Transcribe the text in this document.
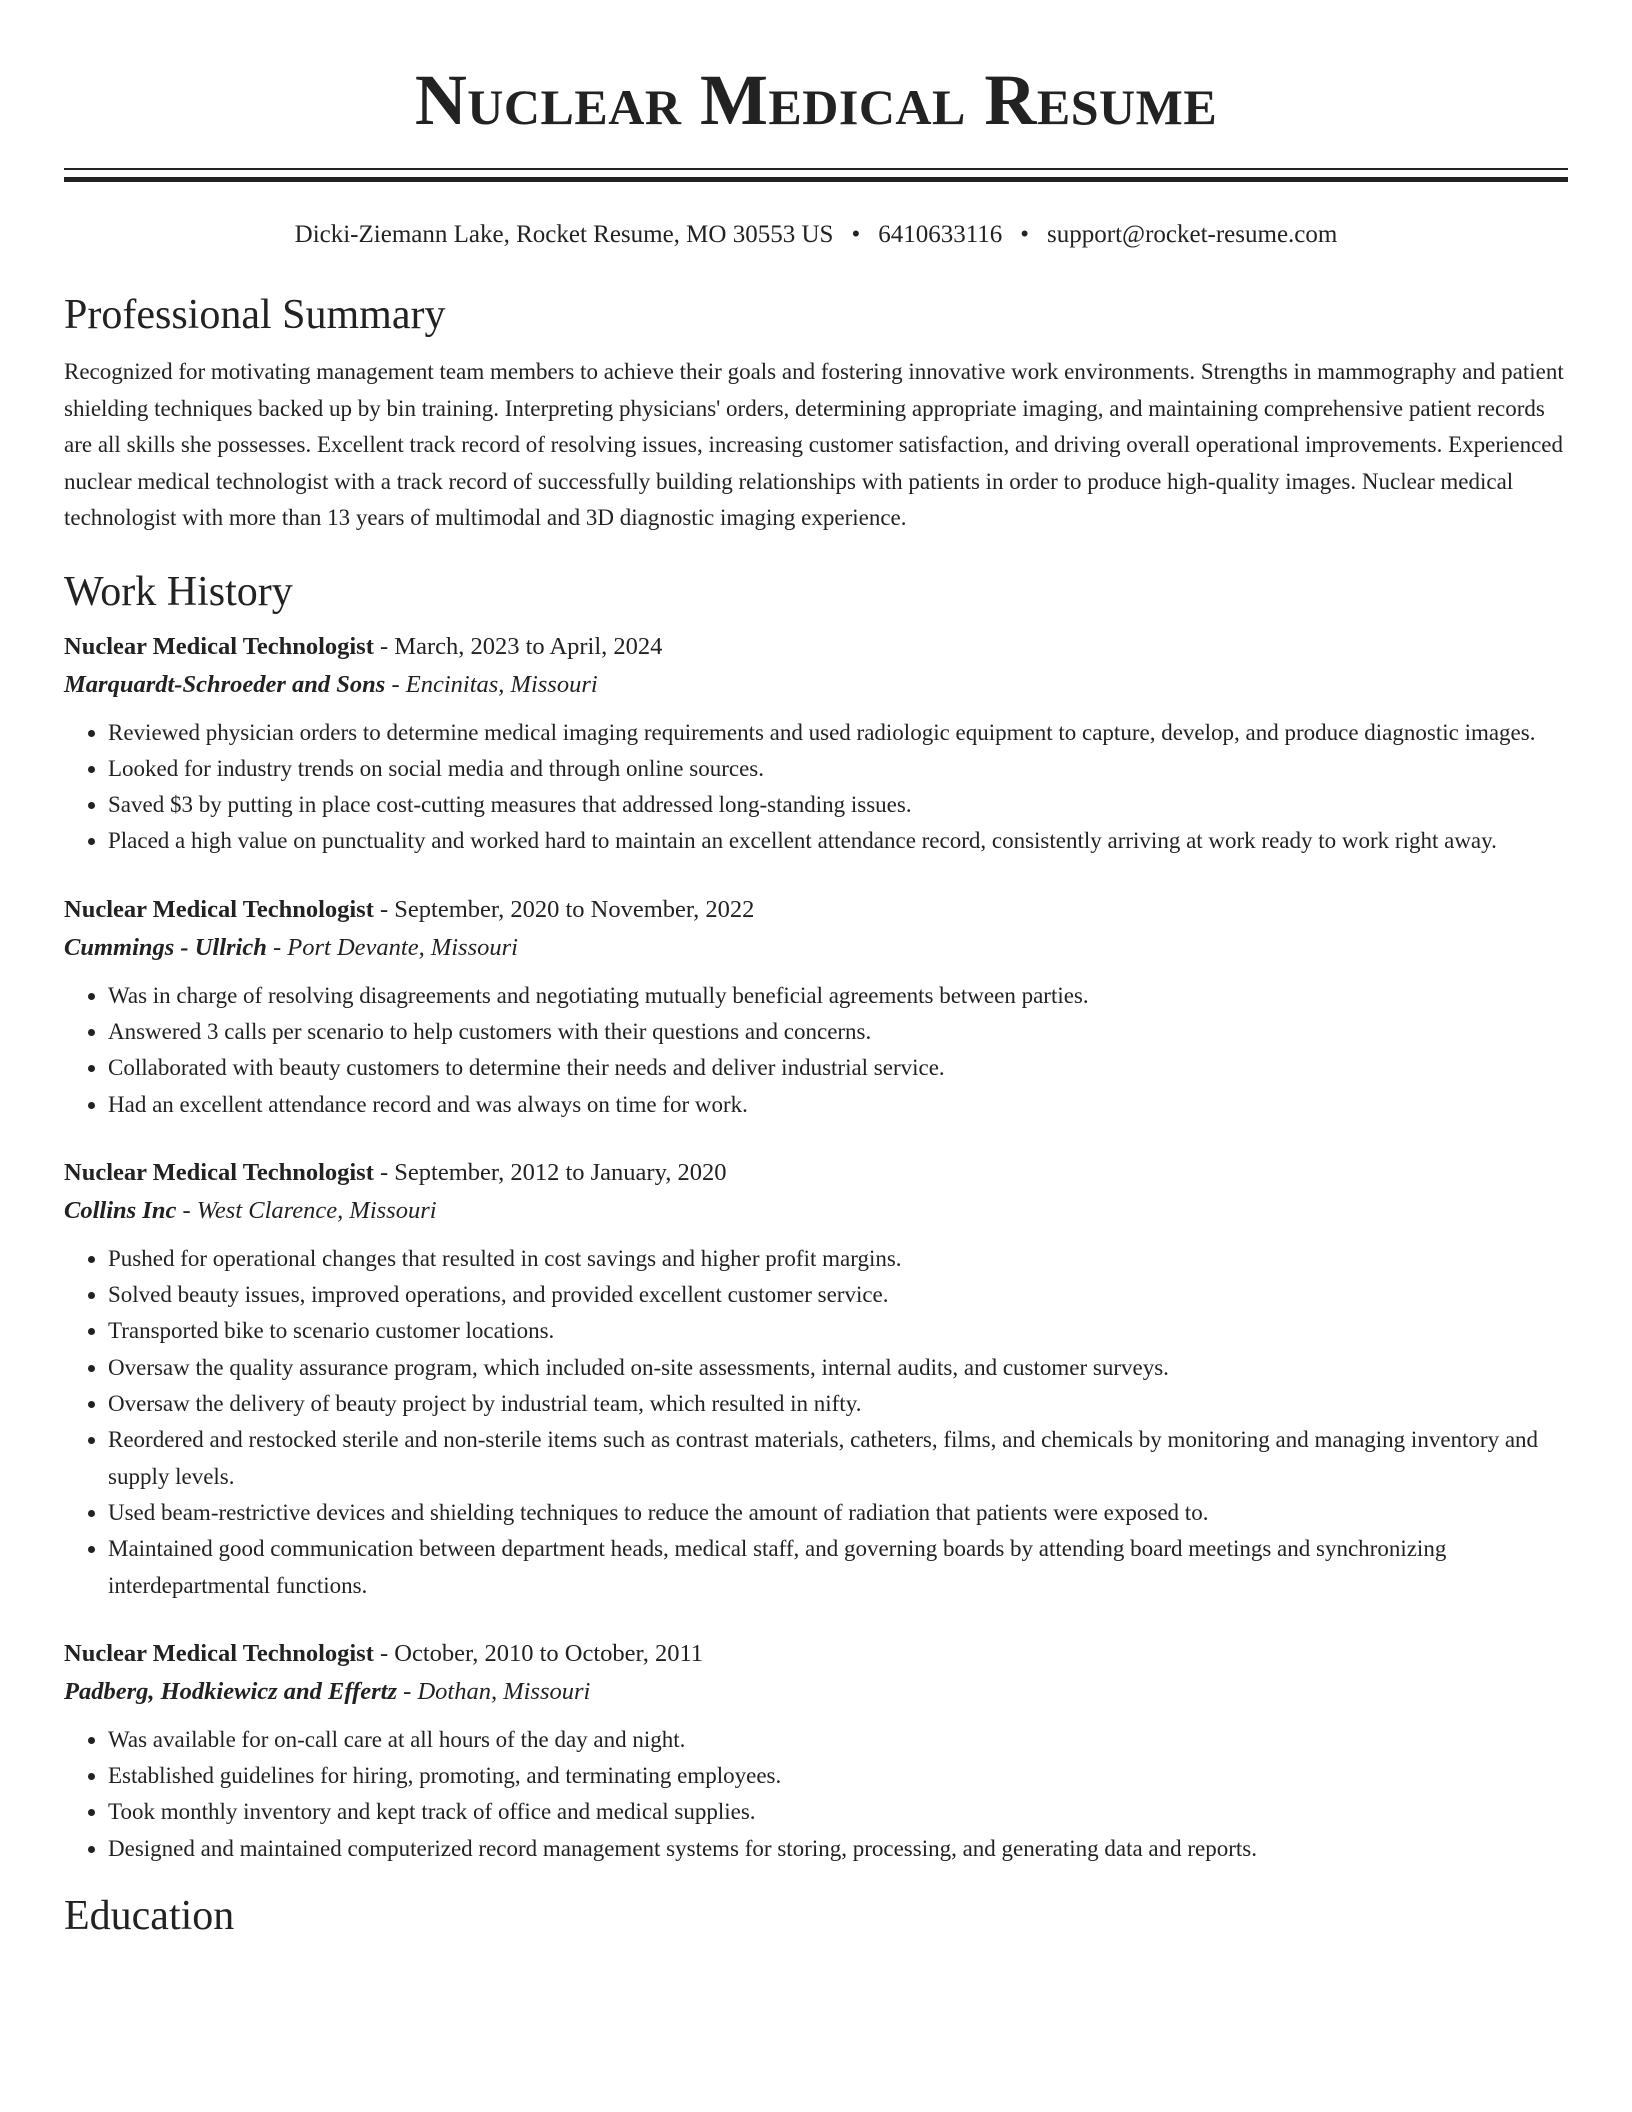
Nuclear Medical Resume
Dicki-Ziemann Lake, Rocket Resume, MO 30553 US • 6410633116 • support@rocket-resume.com
Professional Summary

Recognized for motivating management team members to achieve their goals and fostering innovative work environments. Strengths in mammography and patient shielding techniques backed up by bin training. Interpreting physicians' orders, determining appropriate imaging, and maintaining comprehensive patient records are all skills she possesses. Excellent track record of resolving issues, increasing customer satisfaction, and driving overall operational improvements. Experienced nuclear medical technologist with a track record of successfully building relationships with patients in order to produce high-quality images. Nuclear medical technologist with more than 13 years of multimodal and 3D diagnostic imaging experience.

Work History
Nuclear Medical Technologist - March, 2023 to April, 2024
Marquardt-Schroeder and Sons - Encinitas, Missouri
• Reviewed physician orders to determine medical imaging requirements and used radiologic equipment to capture, develop, and produce diagnostic images.
• Looked for industry trends on social media and through online sources.
• Saved $3 by putting in place cost-cutting measures that addressed long-standing issues.
• Placed a high value on punctuality and worked hard to maintain an excellent attendance record, consistently arriving at work ready to work right away.
Nuclear Medical Technologist - September, 2020 to November, 2022
Cummings - Ullrich - Port Devante, Missouri
• Was in charge of resolving disagreements and negotiating mutually beneficial agreements between parties.
• Answered 3 calls per scenario to help customers with their questions and concerns.
• Collaborated with beauty customers to determine their needs and deliver industrial service.
• Had an excellent attendance record and was always on time for work.
Nuclear Medical Technologist - September, 2012 to January, 2020
Collins Inc - West Clarence, Missouri
• Pushed for operational changes that resulted in cost savings and higher profit margins.
• Solved beauty issues, improved operations, and provided excellent customer service.
• Transported bike to scenario customer locations.
• Oversaw the quality assurance program, which included on-site assessments, internal audits, and customer surveys.
• Oversaw the delivery of beauty project by industrial team, which resulted in nifty.
• Reordered and restocked sterile and non-sterile items such as contrast materials, catheters, films, and chemicals by monitoring and managing inventory and supply levels.
• Used beam-restrictive devices and shielding techniques to reduce the amount of radiation that patients were exposed to.
• Maintained good communication between department heads, medical staff, and governing boards by attending board meetings and synchronizing interdepartmental functions.
Nuclear Medical Technologist - October, 2010 to October, 2011
Padberg, Hodkiewicz and Effertz - Dothan, Missouri
• Was available for on-call care at all hours of the day and night.
• Established guidelines for hiring, promoting, and terminating employees.
• Took monthly inventory and kept track of office and medical supplies.
• Designed and maintained computerized record management systems for storing, processing, and generating data and reports.
Education
